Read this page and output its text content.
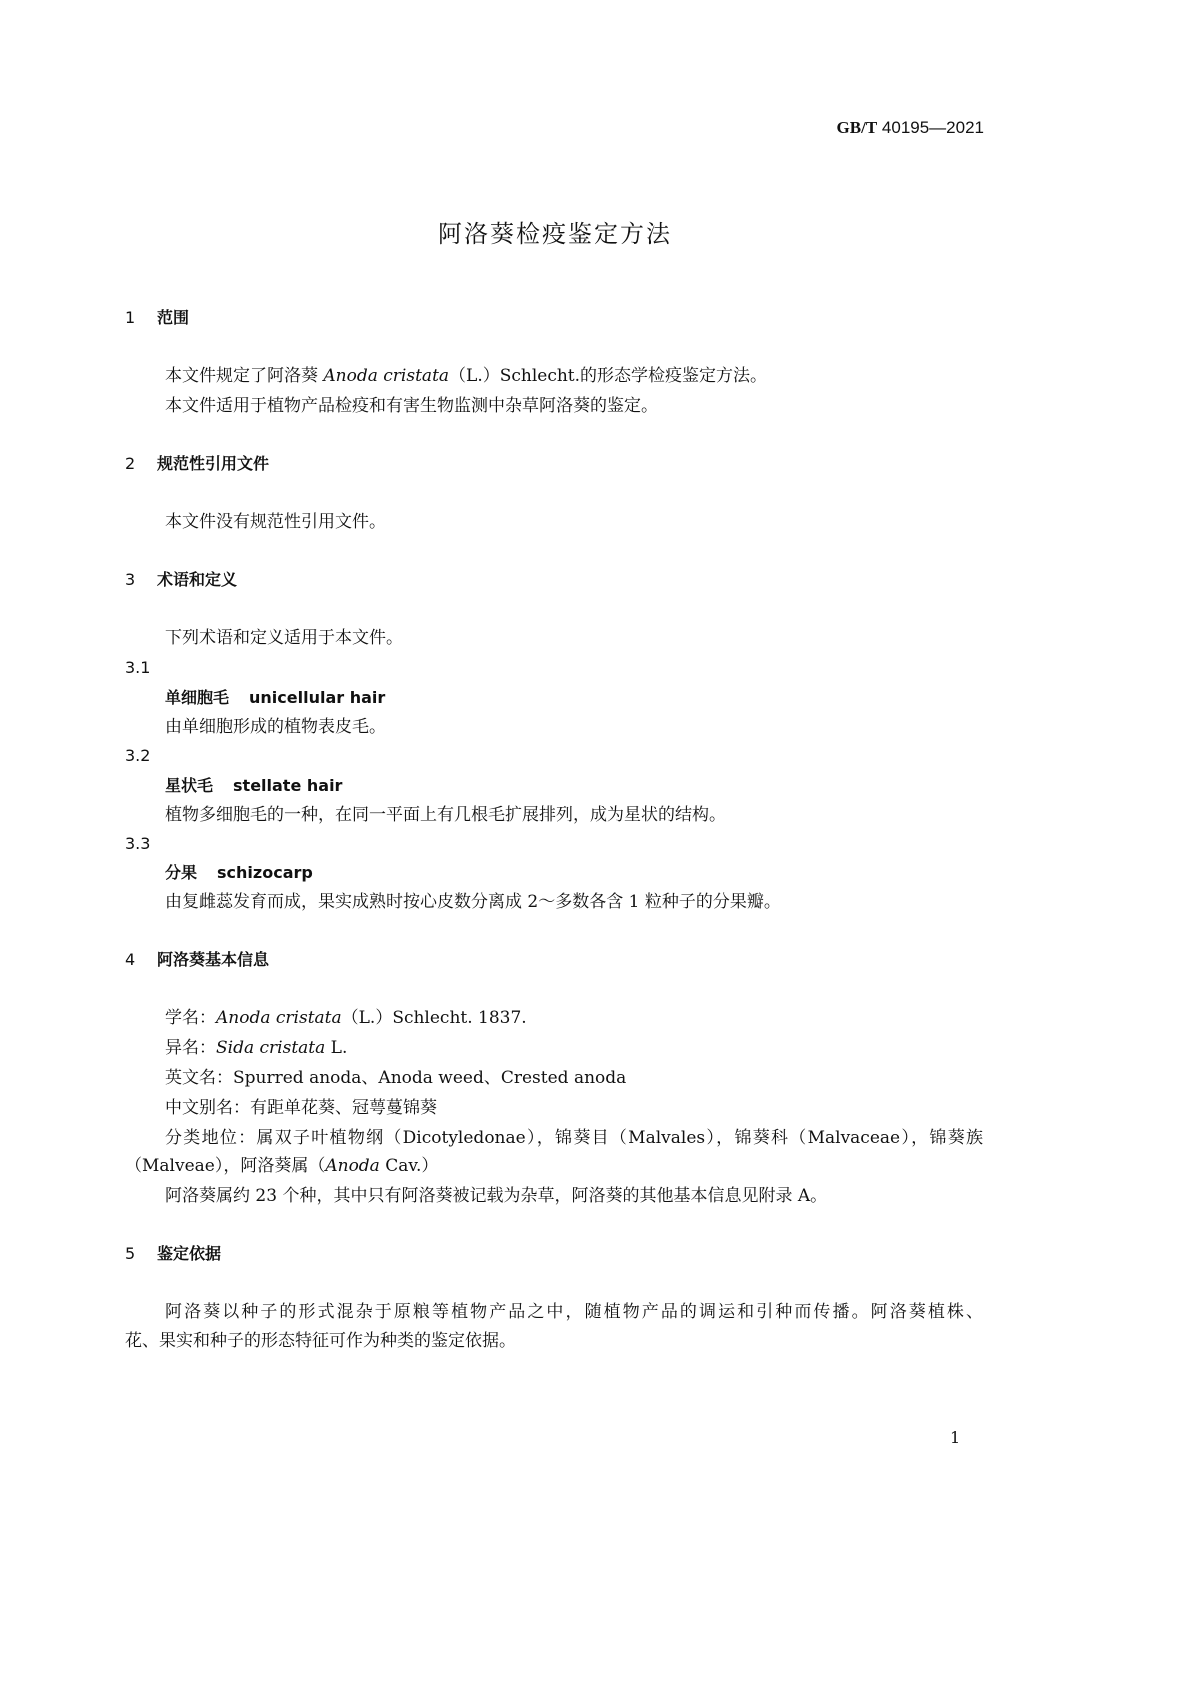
GB/T 40195—2021
阿洛葵检疫鉴定方法
1 范围
本文件规定了阿洛葵 Anoda cristata（L.）Schlecht.的形态学检疫鉴定方法。
本文件适用于植物产品检疫和有害生物监测中杂草阿洛葵的鉴定。
2 规范性引用文件
本文件没有规范性引用文件。
3 术语和定义
下列术语和定义适用于本文件。
3.1
单细胞毛 unicellular hair
由单细胞形成的植物表皮毛。
3.2
星状毛 stellate hair
植物多细胞毛的一种，在同一平面上有几根毛扩展排列，成为星状的结构。
3.3
分果 schizocarp
由复雌蕊发育而成，果实成熟时按心皮数分离成 2～多数各含 1 粒种子的分果瓣。
4 阿洛葵基本信息
学名：Anoda cristata（L.）Schlecht. 1837.
异名：Sida cristata L.
英文名：Spurred anoda、Anoda weed、Crested anoda
中文别名：有距单花葵、冠萼蔓锦葵
分类地位：属双子叶植物纲（Dicotyledonae），锦葵目（Malvales），锦葵科（Malvaceae），锦葵族
（Malveae），阿洛葵属（Anoda Cav.）
阿洛葵属约 23 个种，其中只有阿洛葵被记载为杂草，阿洛葵的其他基本信息见附录 A。
5 鉴定依据
阿洛葵以种子的形式混杂于原粮等植物产品之中，随植物产品的调运和引种而传播。阿洛葵植株、
花、果实和种子的形态特征可作为种类的鉴定依据。
1
